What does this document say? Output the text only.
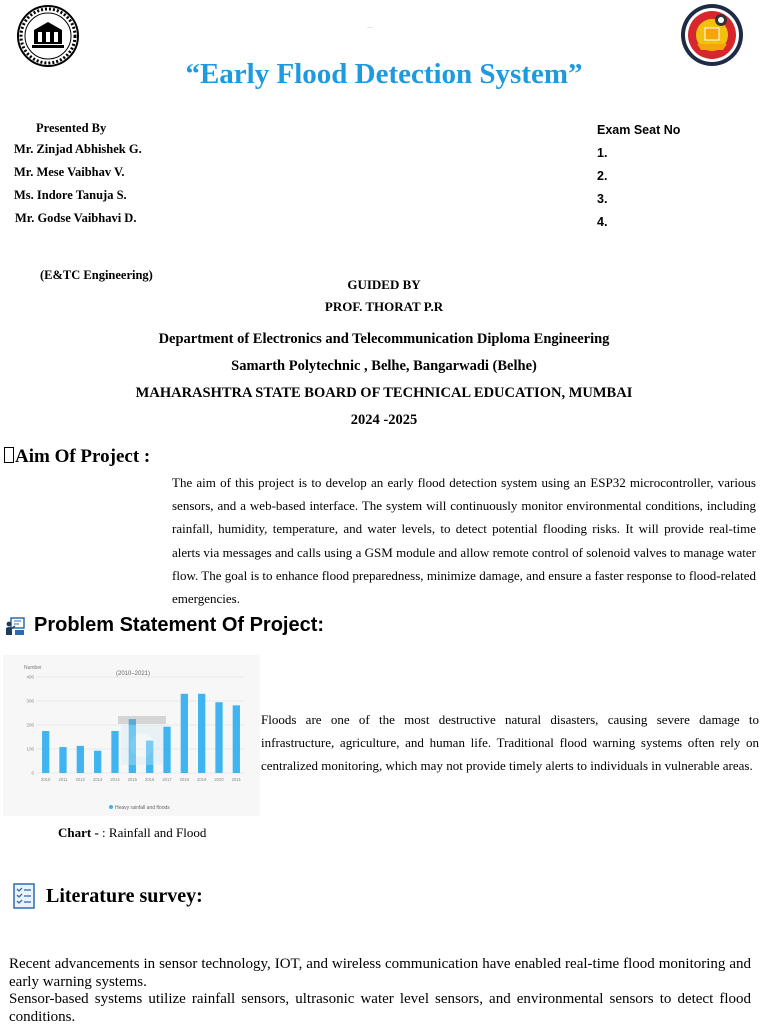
......
“Early Flood Detection System”
Presented By
Mr. Zinjad Abhishek G.
Mr. Mese Vaibhav V.
Ms. Indore Tanuja S.
Mr. Godse Vaibhavi D.
Exam Seat No
1.
2.
3.
4.
(E&TC Engineering)
GUIDED BY
PROF. THORAT P.R
Department of Electronics and Telecommunication Diploma Engineering
Samarth Polytechnic , Belhe, Bangarwadi (Belhe)
MAHARASHTRA STATE BOARD OF TECHNICAL EDUCATION, MUMBAI
2024 -2025
Aim Of Project :
The aim of this project is to develop an early flood detection system using an ESP32 microcontroller, various sensors, and a web-based interface. The system will continuously monitor environmental conditions, including rainfall, humidity, temperature, and water levels, to detect potential flooding risks. It will provide real-time alerts via messages and calls using a GSM module and allow remote control of solenoid valves to manage water flow. The goal is to enhance flood preparedness, minimize damage, and ensure a faster response to flood-related emergencies.
Problem Statement Of Project:
Number
(2010–2021)
0
100
200
300
400
2010 2011 2012 2013 2014 2015 2016 2017 2018 2019 2020 2021
Heavy rainfall and floods
Chart - : Rainfall and Flood
Floods are one of the most destructive natural disasters, causing severe damage to infrastructure, agriculture, and human life. Traditional flood warning systems often rely on centralized monitoring, which may not provide timely alerts to individuals in vulnerable areas.
Literature survey:

Recent advancements in sensor technology, IOT, and wireless communication have enabled real-time flood monitoring and early warning systems.

Sensor-based systems utilize rainfall sensors, ultrasonic water level sensors, and environmental sensors to detect flood conditions.
